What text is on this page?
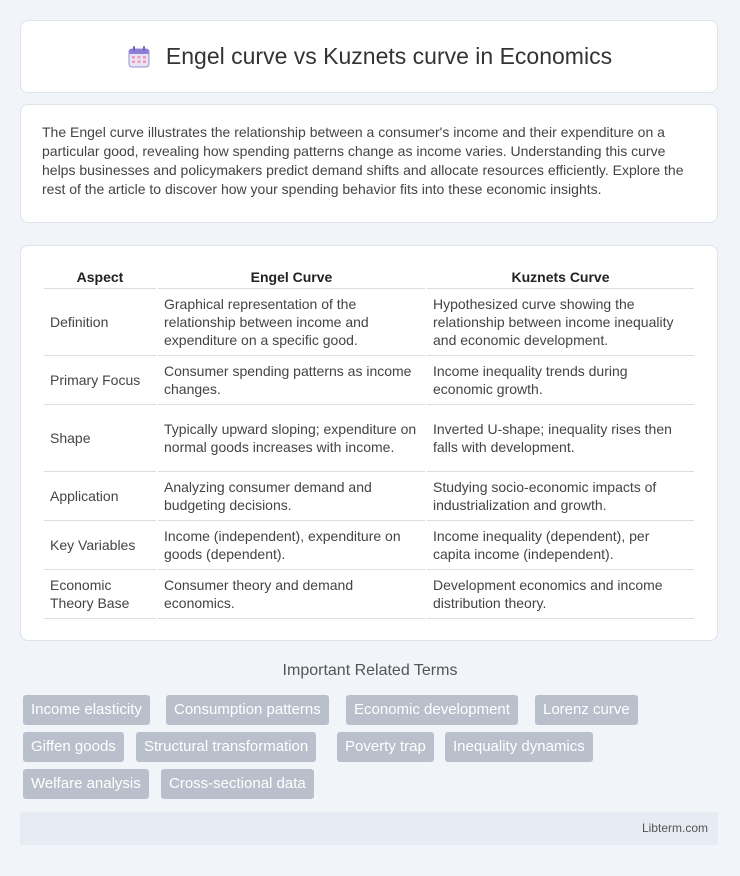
Engel curve vs Kuznets curve in Economics

The Engel curve illustrates the relationship between a consumer's income and their expenditure on a particular good, revealing how spending patterns change as income varies. Understanding this curve helps businesses and policymakers predict demand shifts and allocate resources efficiently. Explore the rest of the article to discover how your spending behavior fits into these economic insights.

Aspect	Engel Curve	Kuznets Curve
Definition	Graphical representation of the relationship between income and expenditure on a specific good.	Hypothesized curve showing the relationship between income inequality and economic development.
Primary Focus	Consumer spending patterns as income changes.	Income inequality trends during economic growth.
Shape	Typically upward sloping; expenditure on normal goods increases with income.	Inverted U-shape; inequality rises then falls with development.
Application	Analyzing consumer demand and budgeting decisions.	Studying socio-economic impacts of industrialization and growth.
Key Variables	Income (independent), expenditure on goods (dependent).	Income inequality (dependent), per capita income (independent).
Economic Theory Base	Consumer theory and demand economics.	Development economics and income distribution theory.
Important Related Terms
Income elasticity	Consumption patterns	Economic development	Lorenz curve
Giffen goods	Structural transformation	Poverty trap	Inequality dynamics
Welfare analysis	Cross-sectional data
Libterm.com
